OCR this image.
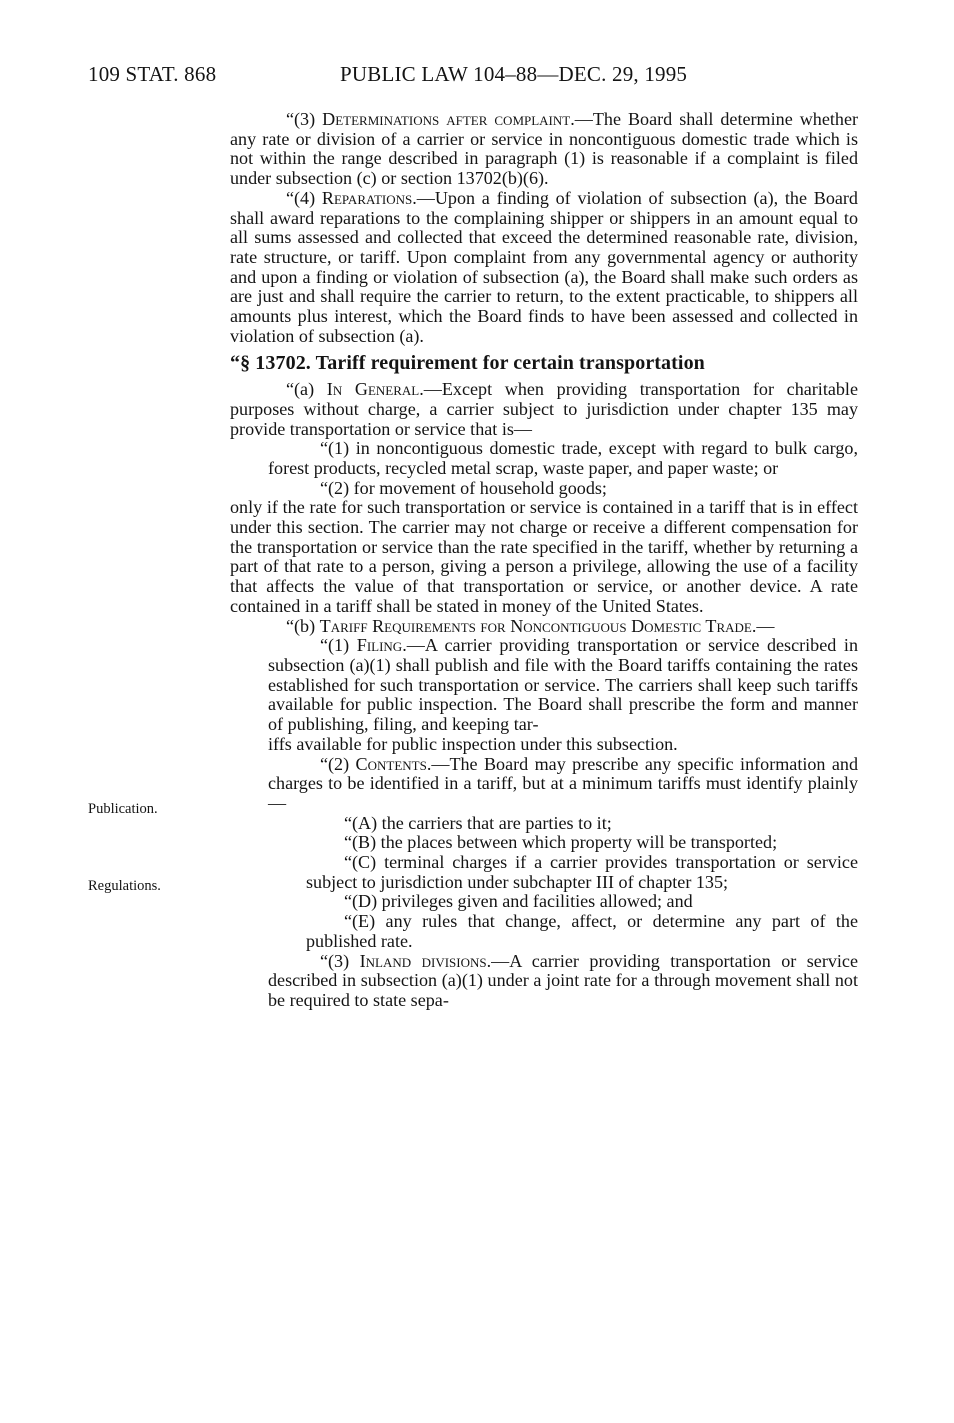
109 STAT. 868	PUBLIC LAW 104–88—DEC. 29, 1995
Publication.
Regulations.

“(3) Determinations after complaint.—The Board shall determine whether any rate or division of a carrier or service in noncontiguous domestic trade which is not within the range described in paragraph (1) is reasonable if a complaint is filed under subsection (c) or section 13702(b)(6).

“(4) Reparations.—Upon a finding of violation of subsection (a), the Board shall award reparations to the complaining shipper or shippers in an amount equal to all sums assessed and collected that exceed the determined reasonable rate, division, rate structure, or tariff. Upon complaint from any governmental agency or authority and upon a finding or violation of subsection (a), the Board shall make such orders as are just and shall require the carrier to return, to the extent practicable, to shippers all amounts plus interest, which the Board finds to have been assessed and collected in violation of subsection (a).

“§ 13702. Tariff requirement for certain transportation

“(a) In General.—Except when providing transportation for charitable purposes without charge, a carrier subject to jurisdiction under chapter 135 may provide transportation or service that is—

“(1) in noncontiguous domestic trade, except with regard to bulk cargo, forest products, recycled metal scrap, waste paper, and paper waste; or

“(2) for movement of household goods;

only if the rate for such transportation or service is contained in a tariff that is in effect under this section. The carrier may not charge or receive a different compensation for the transportation or service than the rate specified in the tariff, whether by returning a part of that rate to a person, giving a person a privilege, allowing the use of a facility that affects the value of that transportation or service, or another device. A rate contained in a tariff shall be stated in money of the United States.

“(b) Tariff Requirements for Noncontiguous Domestic Trade.—

“(1) Filing.—A carrier providing transportation or service described in subsection (a)(1) shall publish and file with the Board tariffs containing the rates established for such transportation or service. The carriers shall keep such tariffs available for public inspection. The Board shall prescribe the form and manner of publishing, filing, and keeping tar-

iffs available for public inspection under this subsection.

“(2) Contents.—The Board may prescribe any specific information and charges to be identified in a tariff, but at a minimum tariffs must identify plainly—

“(A) the carriers that are parties to it;

“(B) the places between which property will be transported;

“(C) terminal charges if a carrier provides transportation or service subject to jurisdiction under subchapter III of chapter 135;

“(D) privileges given and facilities allowed; and

“(E) any rules that change, affect, or determine any part of the published rate.

“(3) Inland divisions.—A carrier providing transportation or service described in subsection (a)(1) under a joint rate for a through movement shall not be required to state sepa-
